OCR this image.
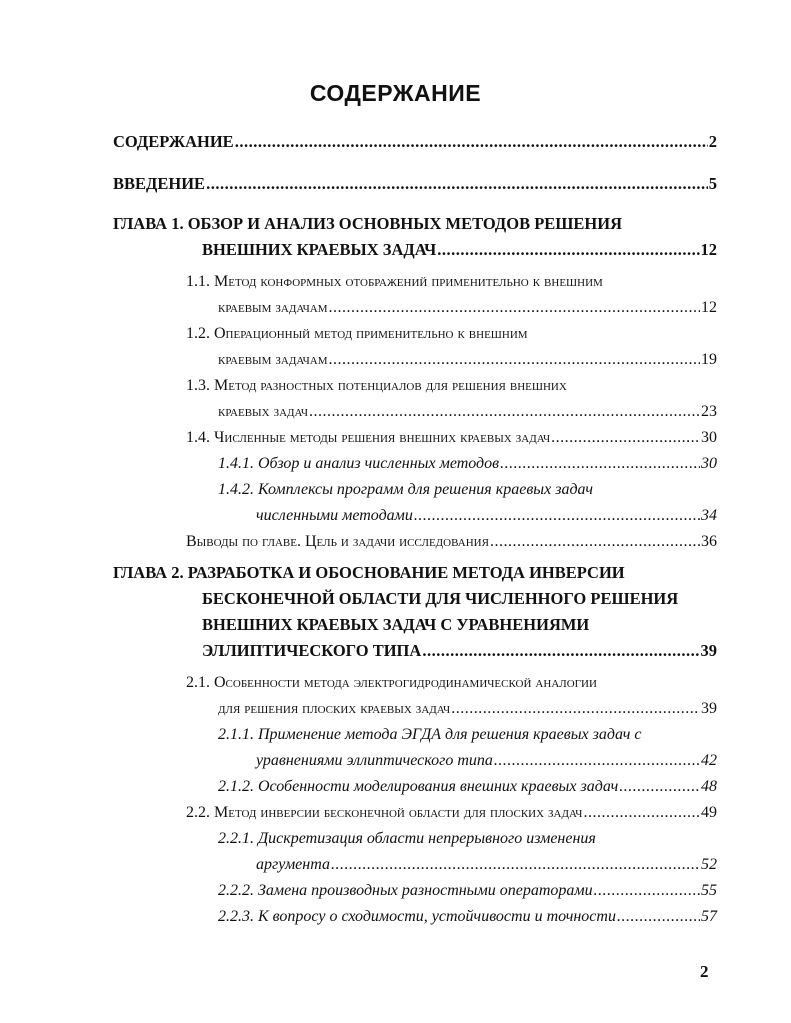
СОДЕРЖАНИЕ
СОДЕРЖАНИЕ .....	2
ВВЕДЕНИЕ .....	5
ГЛАВА 1. ОБЗОР И АНАЛИЗ ОСНОВНЫХ МЕТОДОВ РЕШЕНИЯ
ВНЕШНИХ КРАЕВЫХ ЗАДАЧ .....	12
1.1. Метод конформных отображений применительно к внешним
краевым задачам .....	12
1.2. Операционный метод применительно к внешним
краевым задачам .....	19
1.3. Метод разностных потенциалов для решения внешних
краевых задач .....	23
1.4. Численные методы решения внешних краевых задач .....	30
1.4.1. Обзор и анализ численных методов .....	30
1.4.2. Комплексы программ для решения краевых задач
численными методами .....	34
Выводы по главе. Цель и задачи исследования .....	36
ГЛАВА 2. РАЗРАБОТКА И ОБОСНОВАНИЕ МЕТОДА ИНВЕРСИИ
БЕСКОНЕЧНОЙ ОБЛАСТИ ДЛЯ ЧИСЛЕННОГО РЕШЕНИЯ
ВНЕШНИХ КРАЕВЫХ ЗАДАЧ С УРАВНЕНИЯМИ
ЭЛЛИПТИЧЕСКОГО ТИПА .....	39
2.1. Особенности метода электрогидродинамической аналогии
для решения плоских краевых задач .....	39
2.1.1. Применение метода ЭГДА для решения краевых задач с
уравнениями эллиптического типа .....	42
2.1.2. Особенности моделирования внешних краевых задач .....	48
2.2. Метод инверсии бесконечной области для плоских задач .....	49
2.2.1. Дискретизация области непрерывного изменения
аргумента .....	52
2.2.2. Замена производных разностными операторами .....	55
2.2.3. К вопросу о сходимости, устойчивости и точности .....	57
2
